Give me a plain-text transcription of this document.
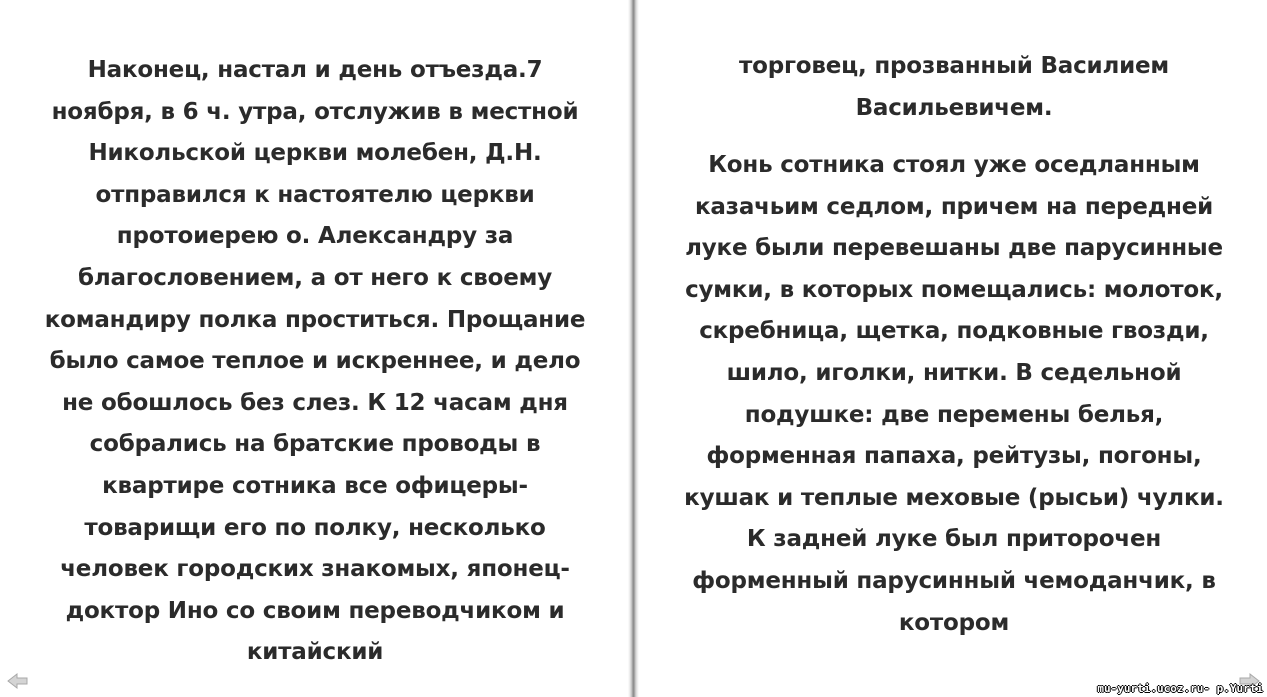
Наконец, настал и день отъезда.7 ноября, в 6 ч. утра, отслужив в местной Никольской церкви молебен, Д.Н. отправился к настоятелю церкви протоиерею о. Александру за благословением, а от него к своему командиру полка проститься. Прощание было самое теплое и искреннее, и дело не обошлось без слез. К 12 часам дня собрались на братские проводы в квартире сотника все офицеры-товарищи его по полку, несколько человек городских знакомых, японец-доктор Ино со своим переводчиком и китайский

торговец, прозванный Василием Васильевичем.

Конь сотника стоял уже оседланным казачьим седлом, причем на передней луке были перевешаны две парусинные сумки, в которых помещались: молоток, скребница, щетка, подковные гвозди, шило, иголки, нитки. В седельной подушке: две перемены белья, форменная папаха, рейтузы, погоны, кушак и теплые меховые (рысьи) чулки. К задней луке был приторочен форменный парусинный чемоданчик, в котором

mu-yurti.ucoz.ru- p.Yurti
